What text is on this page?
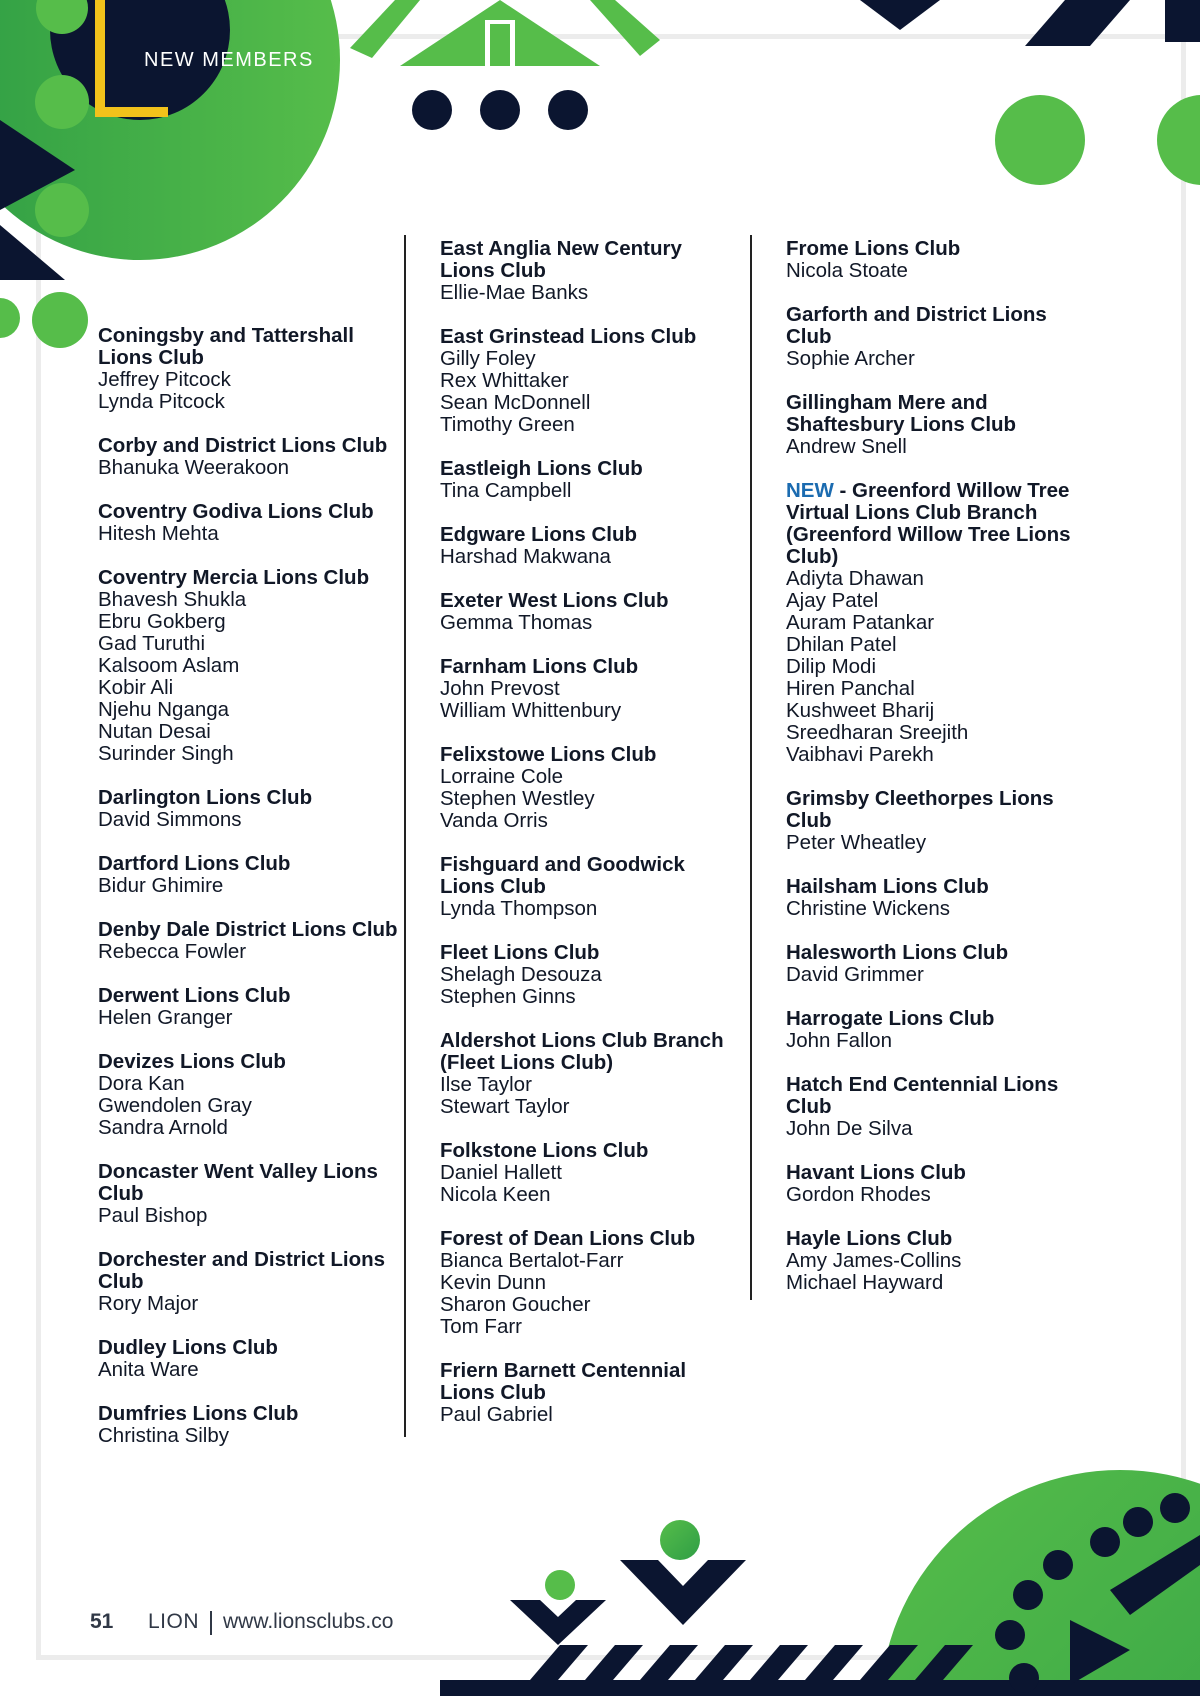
NEW MEMBERS
Coningsby and Tattershall Lions Club
Jeffrey Pitcock
Lynda Pitcock
Corby and District Lions Club
Bhanuka Weerakoon
Coventry Godiva Lions Club
Hitesh Mehta
Coventry Mercia Lions Club
Bhavesh Shukla
Ebru Gokberg
Gad Turuthi
Kalsoom Aslam
Kobir Ali
Njehu Nganga
Nutan Desai
Surinder Singh
Darlington Lions Club
David Simmons
Dartford Lions Club
Bidur Ghimire
Denby Dale District Lions Club
Rebecca Fowler
Derwent Lions Club
Helen Granger
Devizes Lions Club
Dora Kan
Gwendolen Gray
Sandra Arnold
Doncaster Went Valley Lions Club
Paul Bishop
Dorchester and District Lions Club
Rory Major
Dudley Lions Club
Anita Ware
Dumfries Lions Club
Christina Silby
East Anglia New Century Lions Club
Ellie-Mae Banks
East Grinstead Lions Club
Gilly Foley
Rex Whittaker
Sean McDonnell
Timothy Green
Eastleigh Lions Club
Tina Campbell
Edgware Lions Club
Harshad Makwana
Exeter West Lions Club
Gemma Thomas
Farnham Lions Club
John Prevost
William Whittenbury
Felixstowe Lions Club
Lorraine Cole
Stephen Westley
Vanda Orris
Fishguard and Goodwick Lions Club
Lynda Thompson
Fleet Lions Club
Shelagh Desouza
Stephen Ginns
Aldershot Lions Club Branch (Fleet Lions Club)
Ilse Taylor
Stewart Taylor
Folkstone Lions Club
Daniel Hallett
Nicola Keen
Forest of Dean Lions Club
Bianca Bertalot-Farr
Kevin Dunn
Sharon Goucher
Tom Farr
Friern Barnett Centennial Lions Club
Paul Gabriel
Frome Lions Club
Nicola Stoate
Garforth and District Lions Club
Sophie Archer
Gillingham Mere and Shaftesbury Lions Club
Andrew Snell
NEW - Greenford Willow Tree Virtual Lions Club Branch (Greenford Willow Tree Lions Club)
Adiyta Dhawan
Ajay Patel
Auram Patankar
Dhilan Patel
Dilip Modi
Hiren Panchal
Kushweet Bharij
Sreedharan Sreejith
Vaibhavi Parekh
Grimsby Cleethorpes Lions Club
Peter Wheatley
Hailsham Lions Club
Christine Wickens
Halesworth Lions Club
David Grimmer
Harrogate Lions Club
John Fallon
Hatch End Centennial Lions Club
John De Silva
Havant Lions Club
Gordon Rhodes
Hayle Lions Club
Amy James-Collins
Michael Hayward
51 LION www.lionsclubs.co
